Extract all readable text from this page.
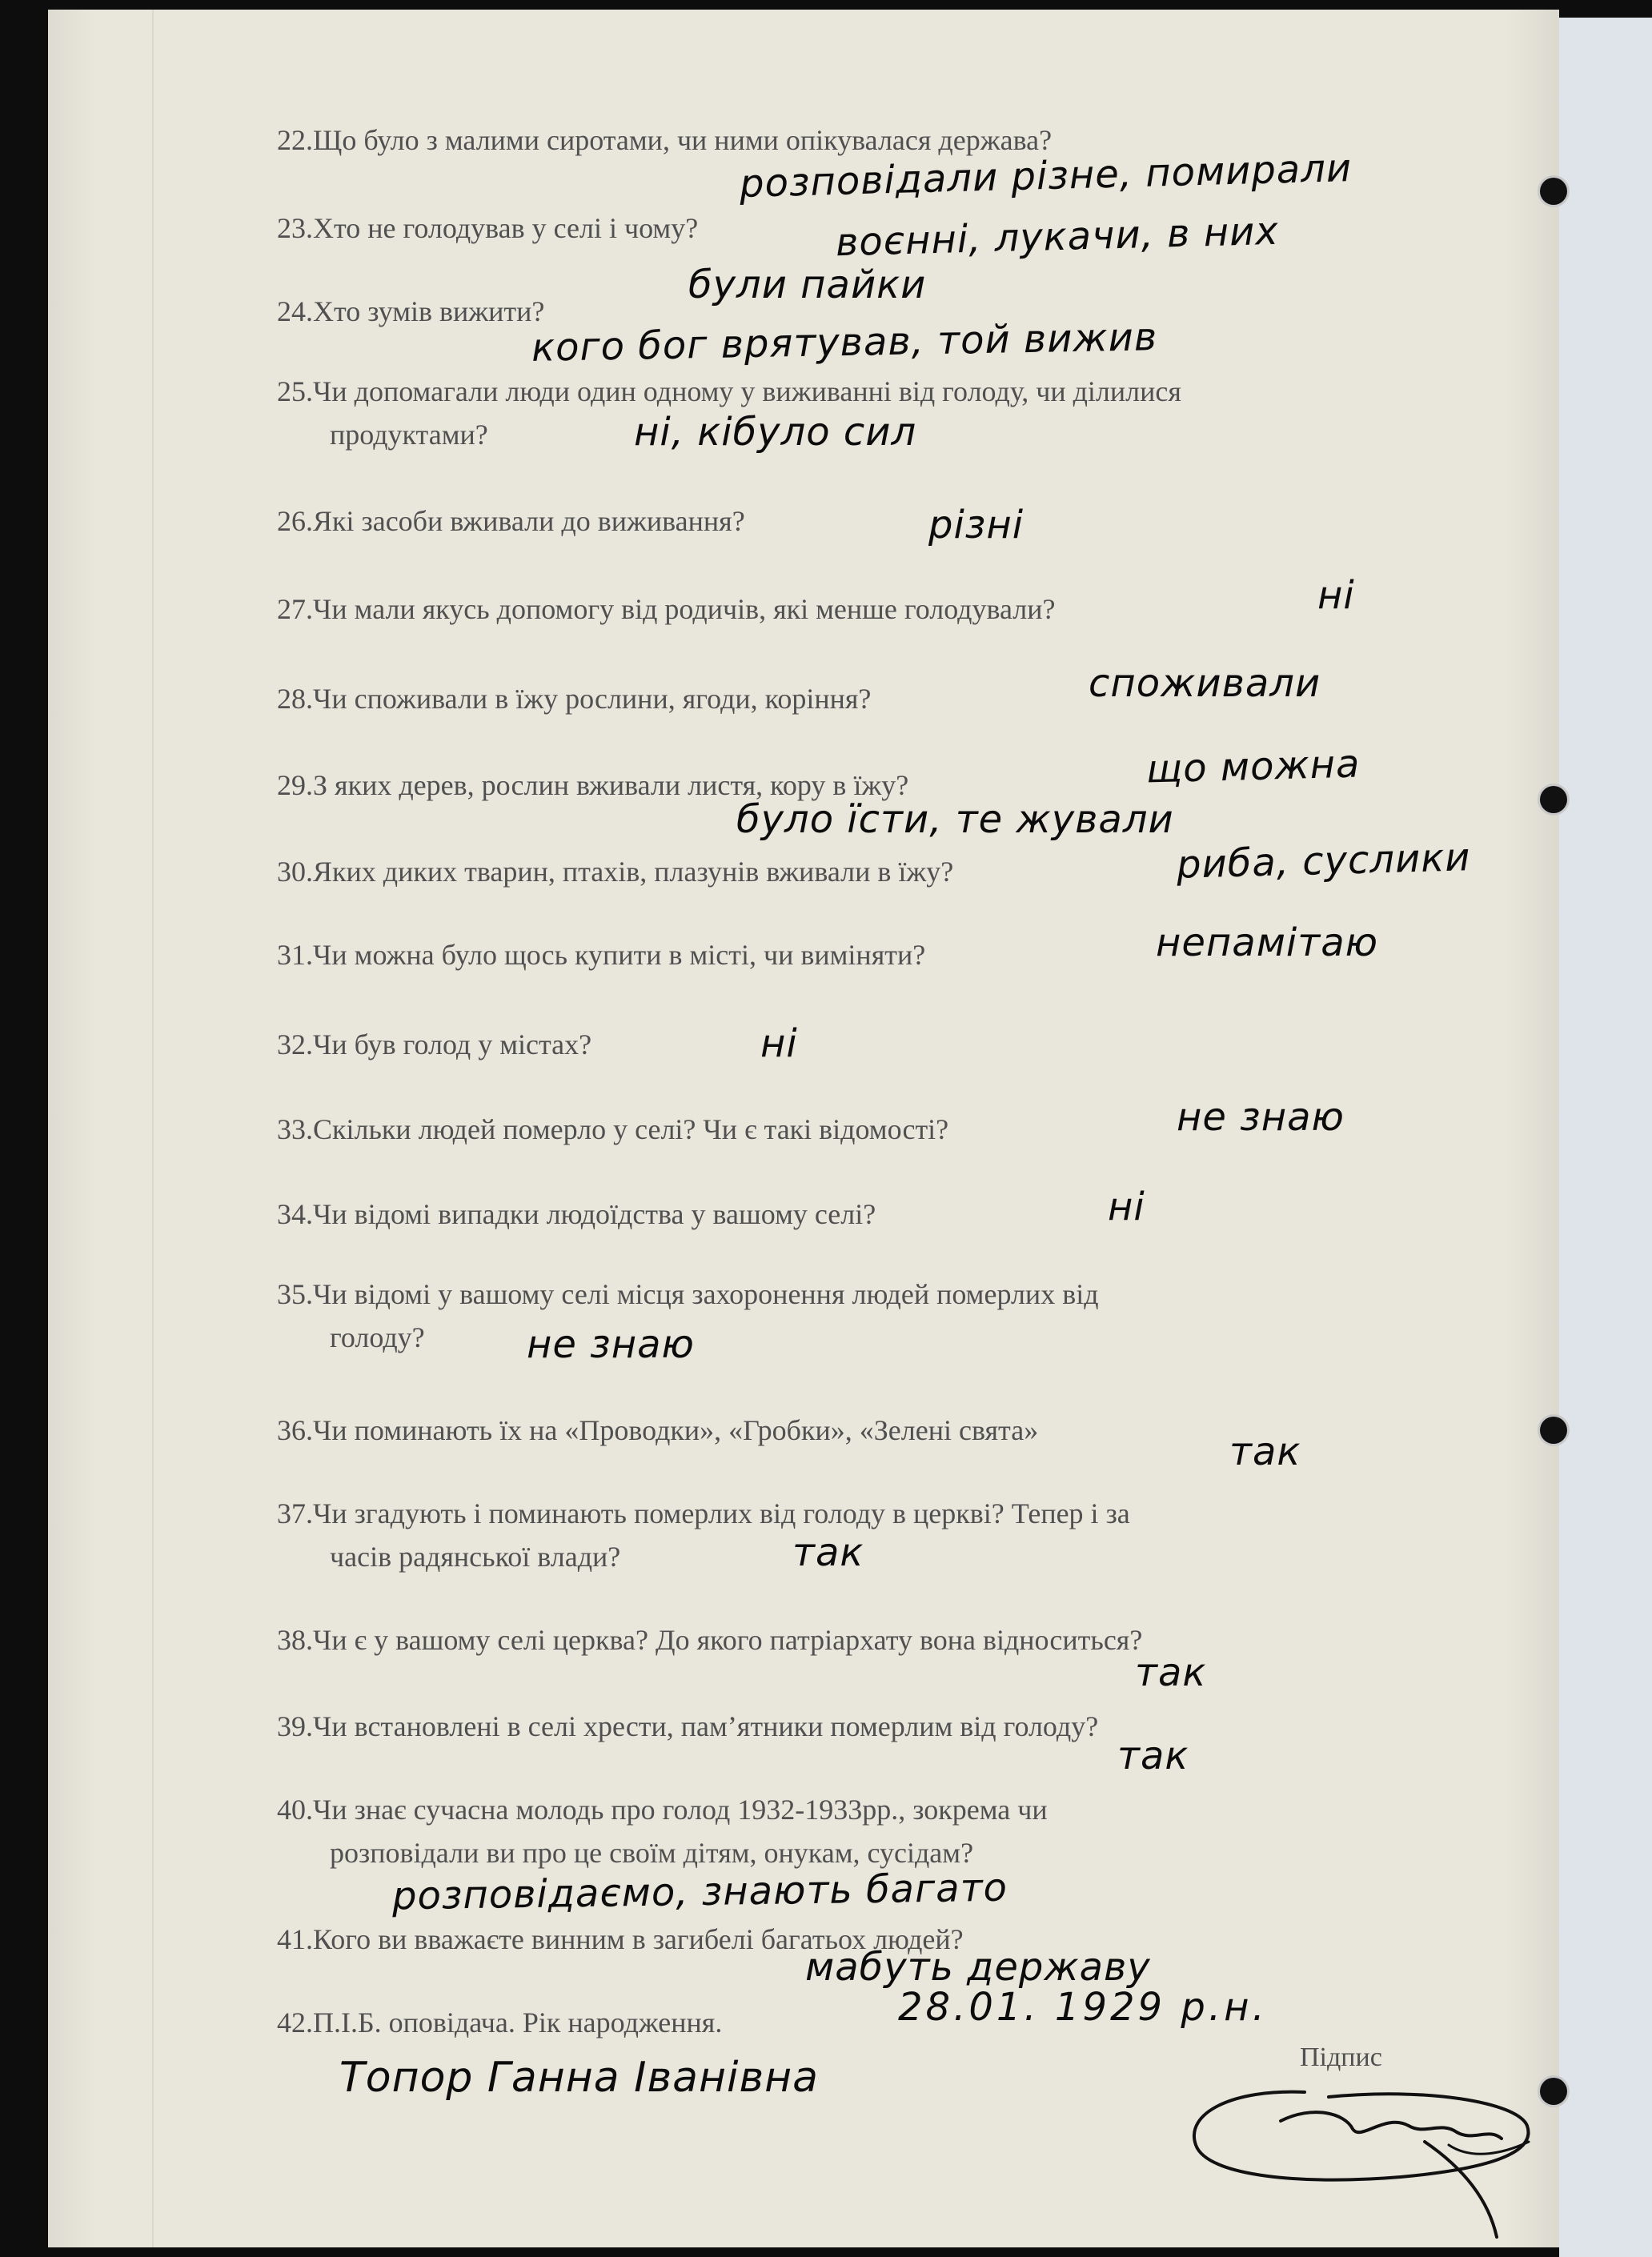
22.Що було з малими сиротами, чи ними опікувалася держава?

23.Хто не голодував у селі і чому?

24.Хто зумів вижити?

25.Чи допомагали люди один одному у виживанні від голоду, чи ділилися
продуктами?

26.Які засоби вживали до виживання?

27.Чи мали якусь допомогу від родичів, які менше голодували?

28.Чи споживали в їжу рослини, ягоди, коріння?

29.З яких дерев, рослин вживали листя, кору в їжу?

30.Яких диких тварин, птахів, плазунів вживали в їжу?

31.Чи можна було щось купити в місті, чи виміняти?

32.Чи був голод у містах?

33.Скільки людей померло у селі? Чи є такі відомості?

34.Чи відомі випадки людоїдства у вашому селі?

35.Чи відомі у вашому селі місця захоронення людей померлих від
голоду?

36.Чи поминають їх на «Проводки», «Гробки», «Зелені свята»

37.Чи згадують і поминають померлих від голоду в церкві? Тепер і за
часів радянської влади?

38.Чи є у вашому селі церква? До якого патріархату вона відноситься?

39.Чи встановлені в селі хрести, пам’ятники померлим від голоду?

40.Чи знає сучасна молодь про голод 1932-1933рр., зокрема чи
розповідали ви про це своїм дітям, онукам, сусідам?

41.Кого ви вважаєте винним в загибелі багатьох людей?

42.П.І.Б. оповідача. Рік народження.

розповідали різне, помирали

воєнні, лукачи, в них

були пайки

кого бог врятував, той вижив

ні, кібуло сил

різні

ні

споживали

що можна

було їсти, те жували

риба, суслики

непамітаю

ні

не знаю

ні

не знаю

так

так

так

так

розповідаємо, знають багато

мабуть державу

28.01. 1929 р.н.

Топор Ганна Іванівна	Підпис
